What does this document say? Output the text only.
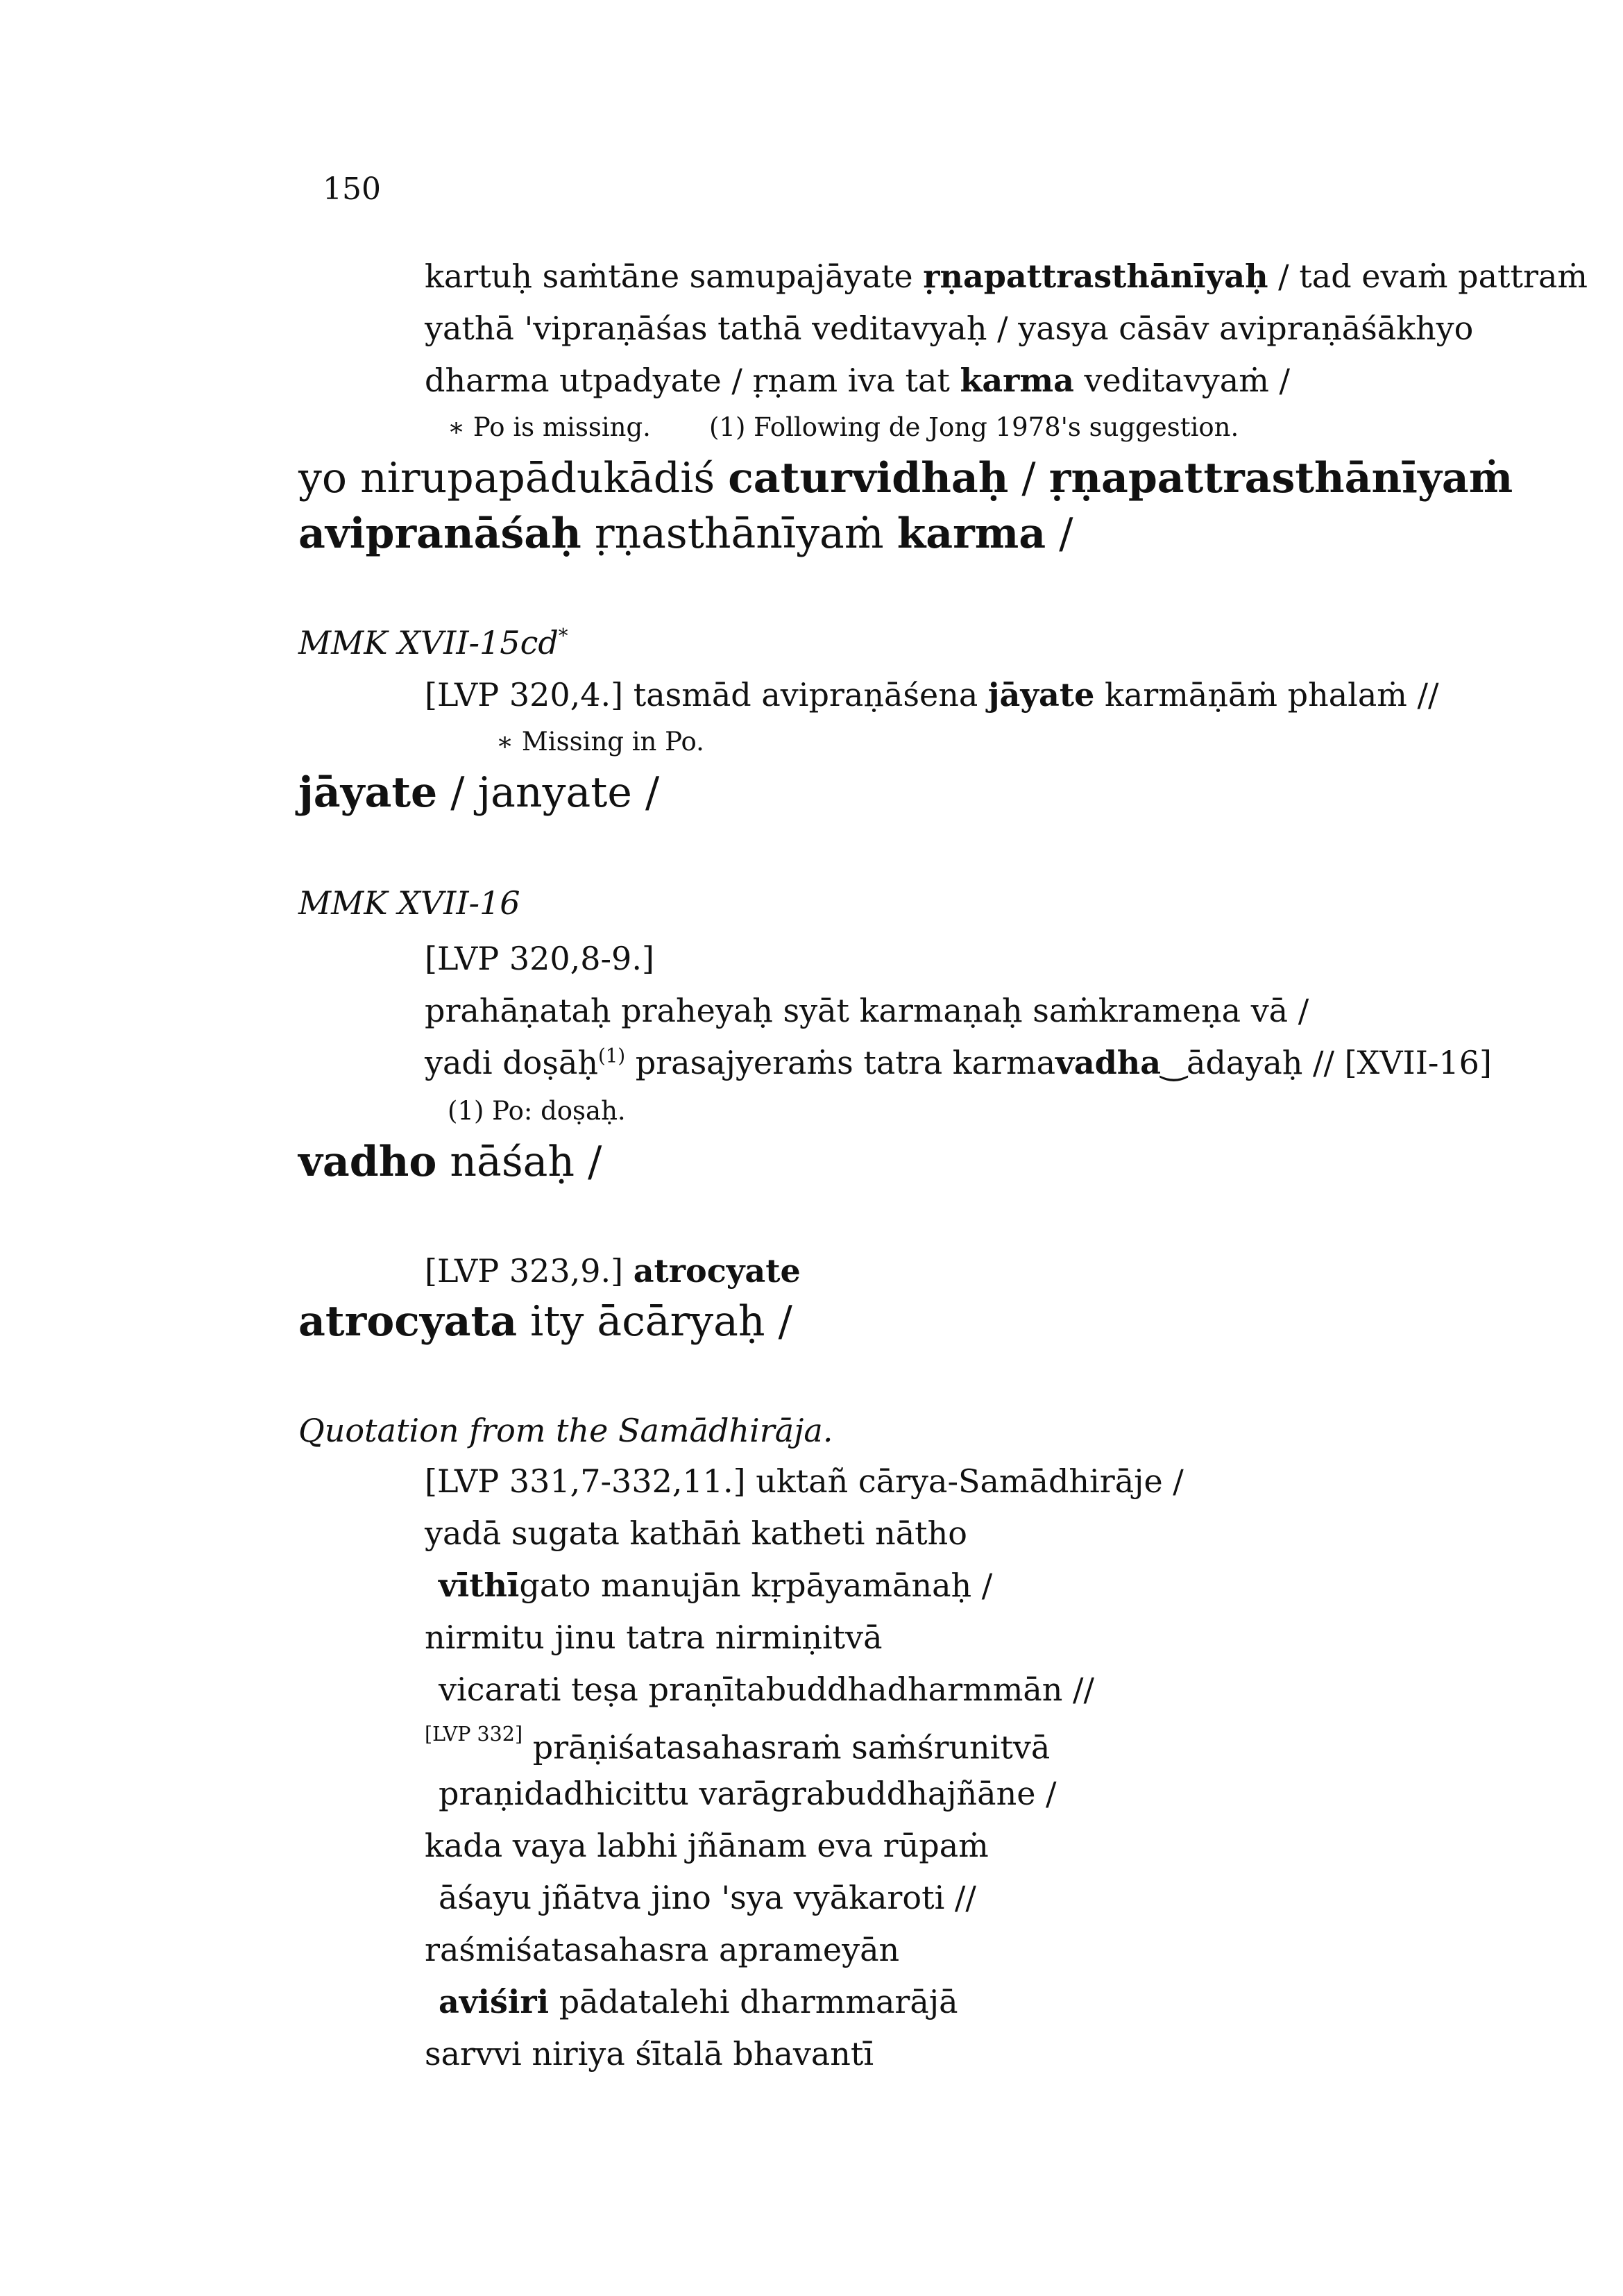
150

kartuḥ saṁtāne samupajāyate ṛṇapattrasthānīyaḥ / tad evaṁ pattraṁ

yathā 'vipraṇāśas tathā veditavyaḥ / yasya cāsāv avipraṇāśākhyo

dharma utpadyate / ṛṇam iva tat karma veditavyaṁ /

∗ Po is missing. (1) Following de Jong 1978's suggestion.

yo nirupapādukādiś caturvidhaḥ / ṛṇapattrasthānīyaṁ

avipranāśaḥ ṛṇasthānīyaṁ karma /

MMK XVII-15cd*

[LVP 320,4.] tasmād avipraṇāśena jāyate karmāṇāṁ phalaṁ //

∗ Missing in Po.

jāyate / janyate /

MMK XVII-16
[LVP 320,8-9.]
prahāṇataḥ praheyaḥ syāt karmaṇaḥ saṁkrameṇa vā /

yadi doṣāḥ$^{(1)}$ prasajyeraṁs tatra karmavadha‿ādayaḥ // [XVII-16]

(1) Po: doṣaḥ.

vadho nāśaḥ /

[LVP 323,9.] atrocyate

atrocyata ity ācāryaḥ /

Quotation from the Samādhirāja.

[LVP 331,7-332,11.] uktañ cārya-Samādhirāje /

yadā sugata kathāṅ katheti nātho

vīthīgato manujān kṛpāyamānaḥ /

nirmitu jinu tatra nirmiṇitvā

vicarati teṣa praṇītabuddhadharmmān //

[LVP 332] prāṇiśatasahasraṁ saṁśrunitvā

praṇidadhicittu varāgrabuddhajñāne /

kada vaya labhi jñānam eva rūpaṁ

āśayu jñātva jino 'sya vyākaroti //

raśmiśatasahasra aprameyān

aviśiri pādatalehi dharmmarājā

sarvvi niriya śītalā bhavantī
